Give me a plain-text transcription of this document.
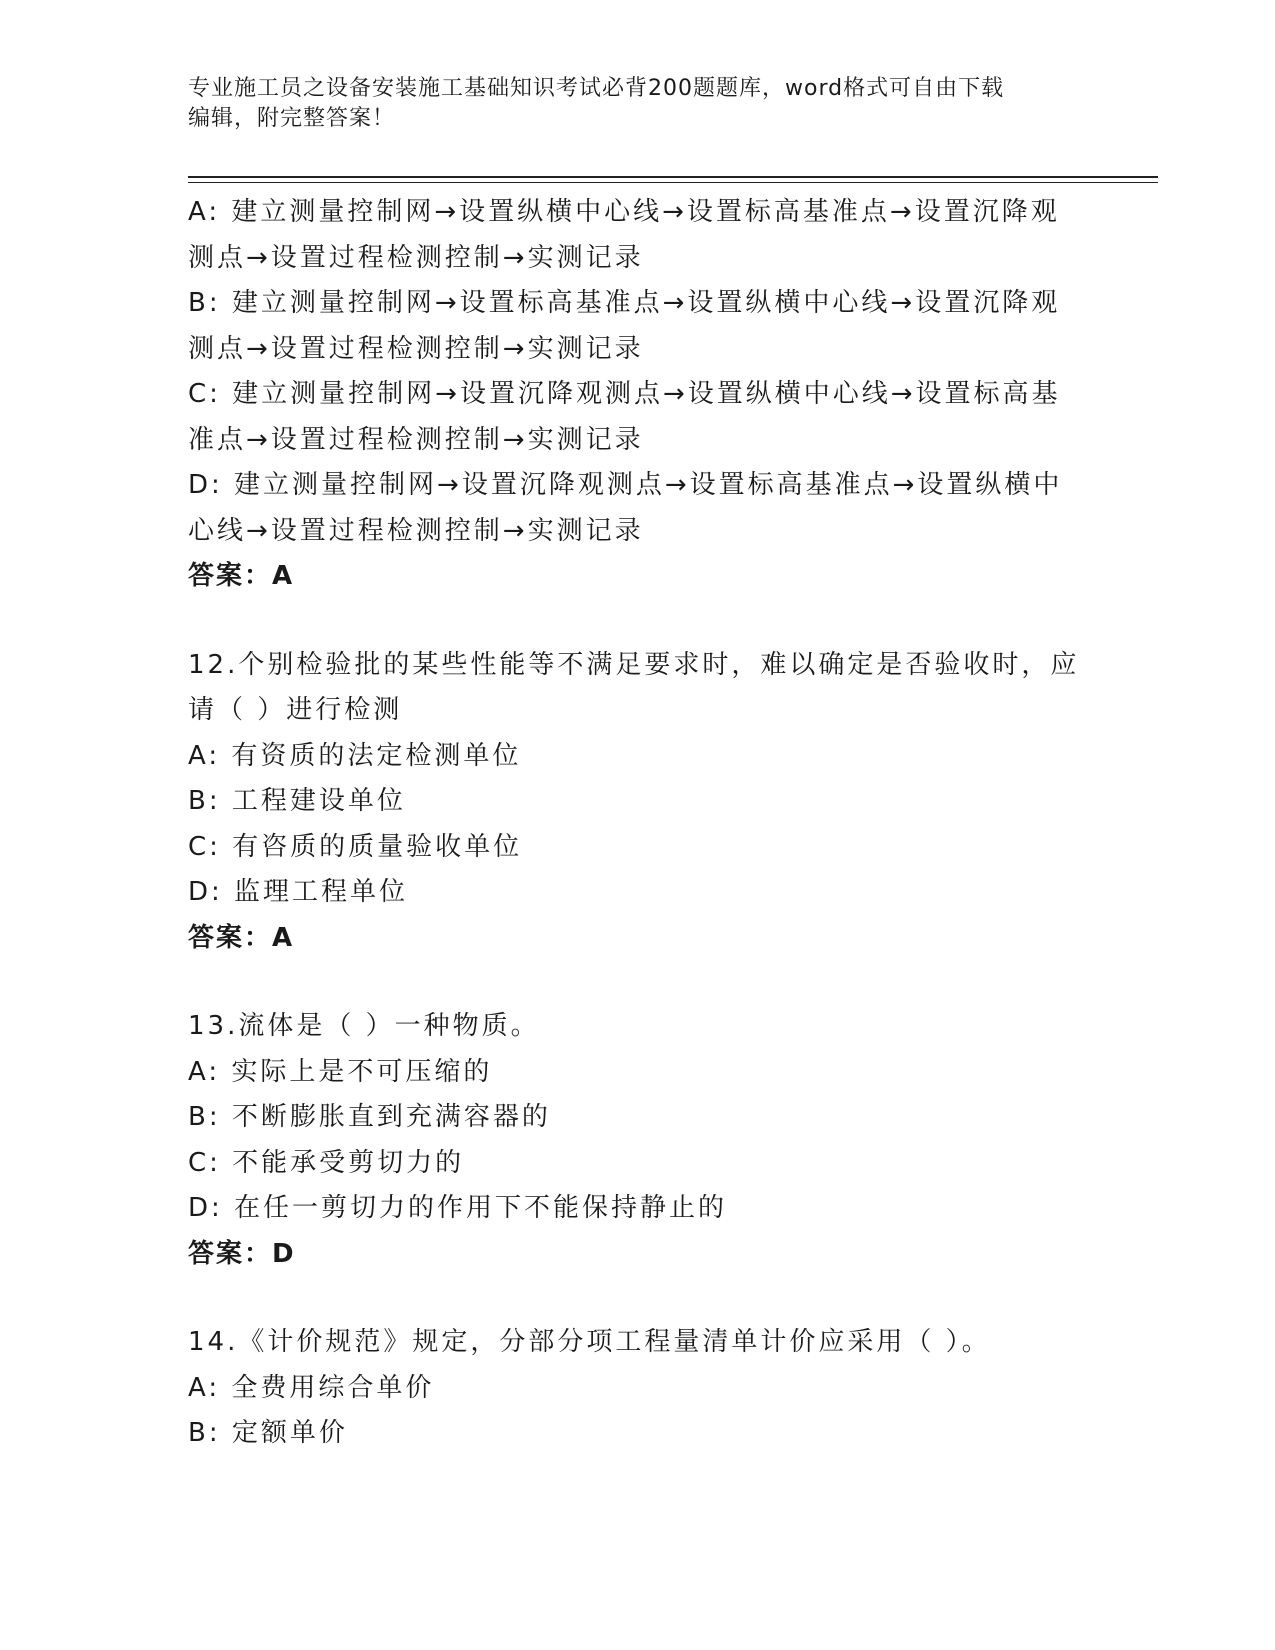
专业施工员之设备安装施工基础知识考试必背200题题库，word格式可自由下载
编辑，附完整答案！
A: 建立测量控制网→设置纵横中心线→设置标高基准点→设置沉降观
测点→设置过程检测控制→实测记录
B: 建立测量控制网→设置标高基准点→设置纵横中心线→设置沉降观
测点→设置过程检测控制→实测记录
C: 建立测量控制网→设置沉降观测点→设置纵横中心线→设置标高基
准点→设置过程检测控制→实测记录
D: 建立测量控制网→设置沉降观测点→设置标高基准点→设置纵横中
心线→设置过程检测控制→实测记录
答案：A
12.个别检验批的某些性能等不满足要求时，难以确定是否验收时，应
请（ ）进行检测
A: 有资质的法定检测单位
B: 工程建设单位
C: 有咨质的质量验收单位
D: 监理工程单位
答案：A
13.流体是（ ）一种物质。
A: 实际上是不可压缩的
B: 不断膨胀直到充满容器的
C: 不能承受剪切力的
D: 在任一剪切力的作用下不能保持静止的
答案：D
14.《计价规范》规定，分部分项工程量清单计价应采用（ ）。
A: 全费用综合单价
B: 定额单价
